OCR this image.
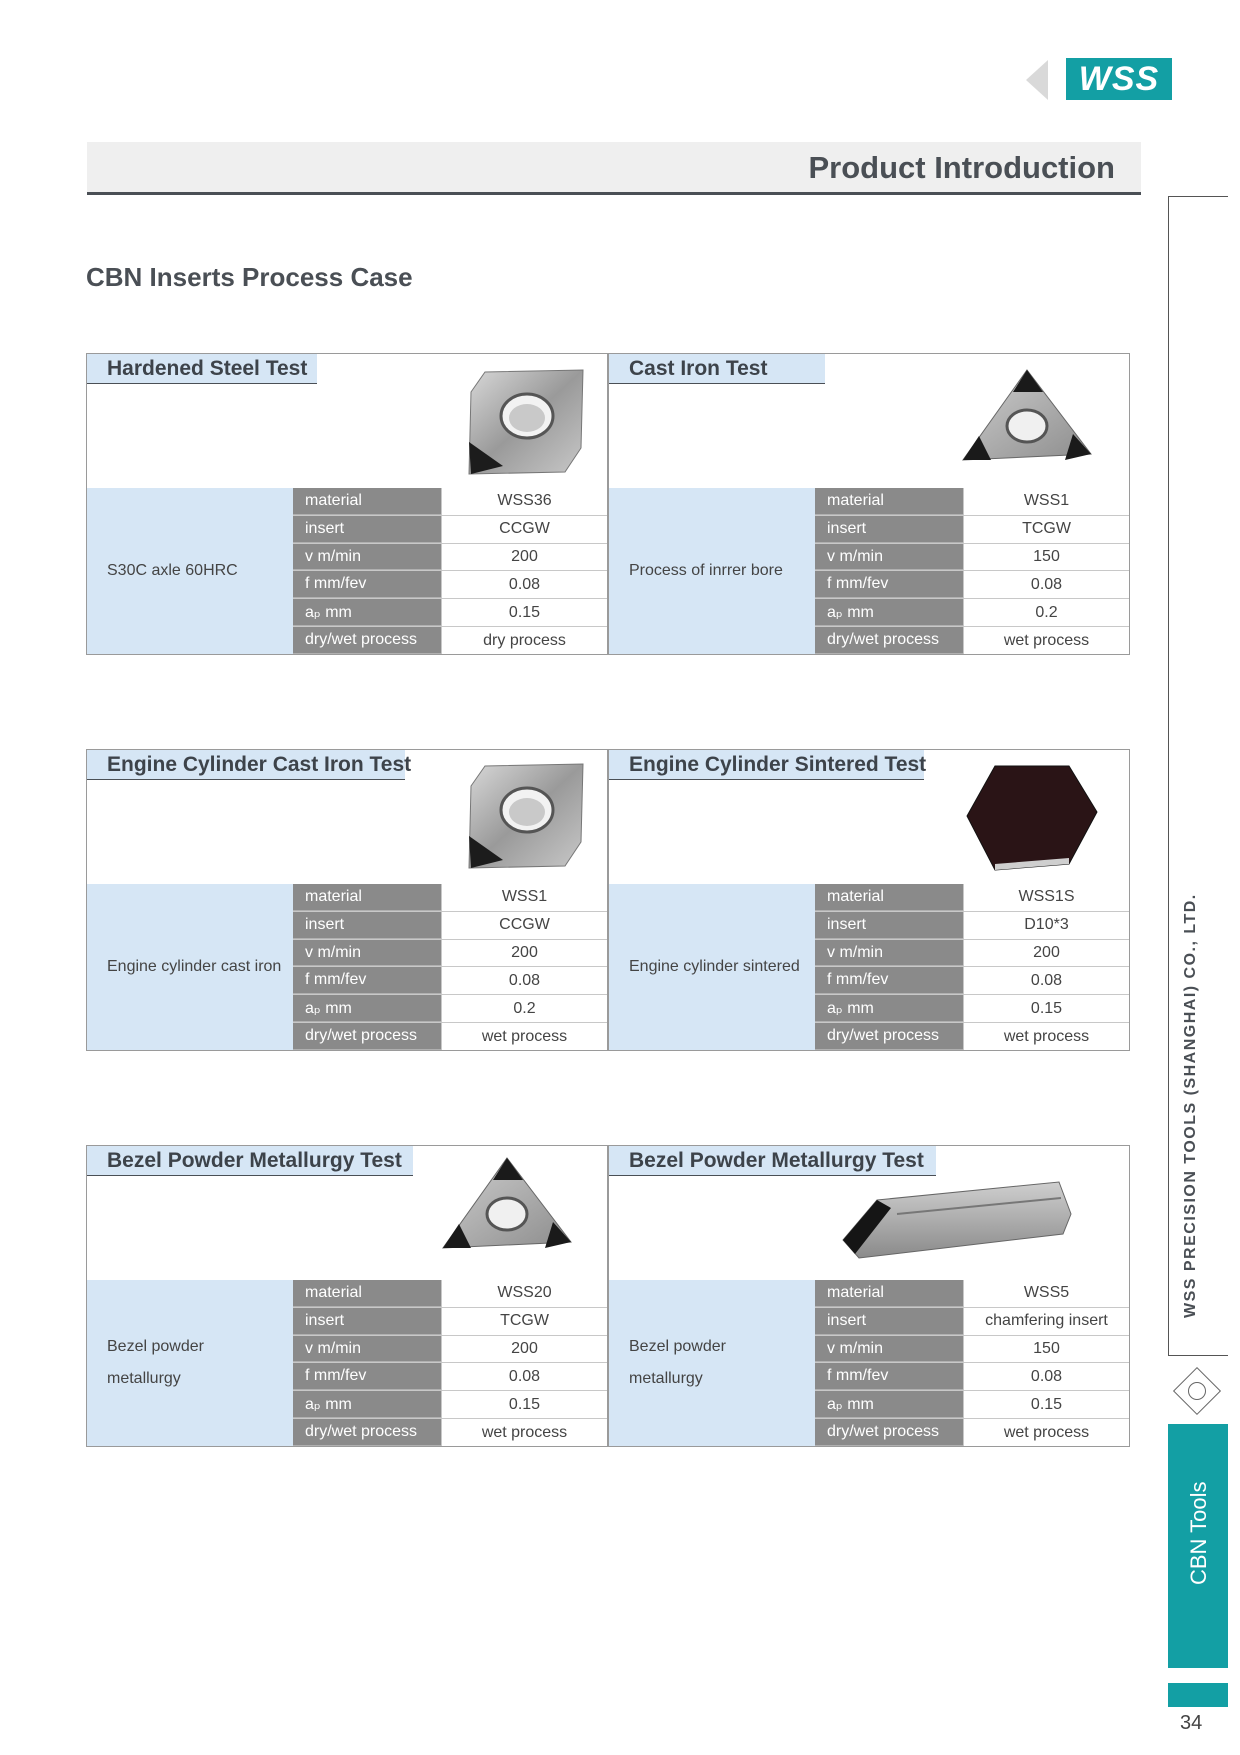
WSS
Product Introduction
CBN Inserts Process Case
Hardened Steel Test
S30C axle 60HRC
material	WSS36
insert	CCGW
v m/min	200
f mm/fev	0.08
aₚ mm	0.15
dry/wet process	dry process
Cast Iron Test
Process of inrrer bore
material	WSS1
insert	TCGW
v m/min	150
f mm/fev	0.08
aₚ mm	0.2
dry/wet process	wet process
Engine Cylinder Cast Iron Test
Engine cylinder cast iron
material	WSS1
insert	CCGW
v m/min	200
f mm/fev	0.08
aₚ mm	0.2
dry/wet process	wet process
Engine Cylinder Sintered Test
Engine cylinder sintered
material	WSS1S
insert	D10*3
v m/min	200
f mm/fev	0.08
aₚ mm	0.15
dry/wet process	wet process
Bezel Powder Metallurgy Test
Bezel powder
metallurgy
material	WSS20
insert	TCGW
v m/min	200
f mm/fev	0.08
aₚ mm	0.15
dry/wet process	wet process
Bezel Powder Metallurgy Test
Bezel powder
metallurgy
material	WSS5
insert	chamfering insert
v m/min	150
f mm/fev	0.08
aₚ mm	0.15
dry/wet process	wet process
WSS PRECISION TOOLS (SHANGHAI) CO., LTD.
CBN Tools
34
